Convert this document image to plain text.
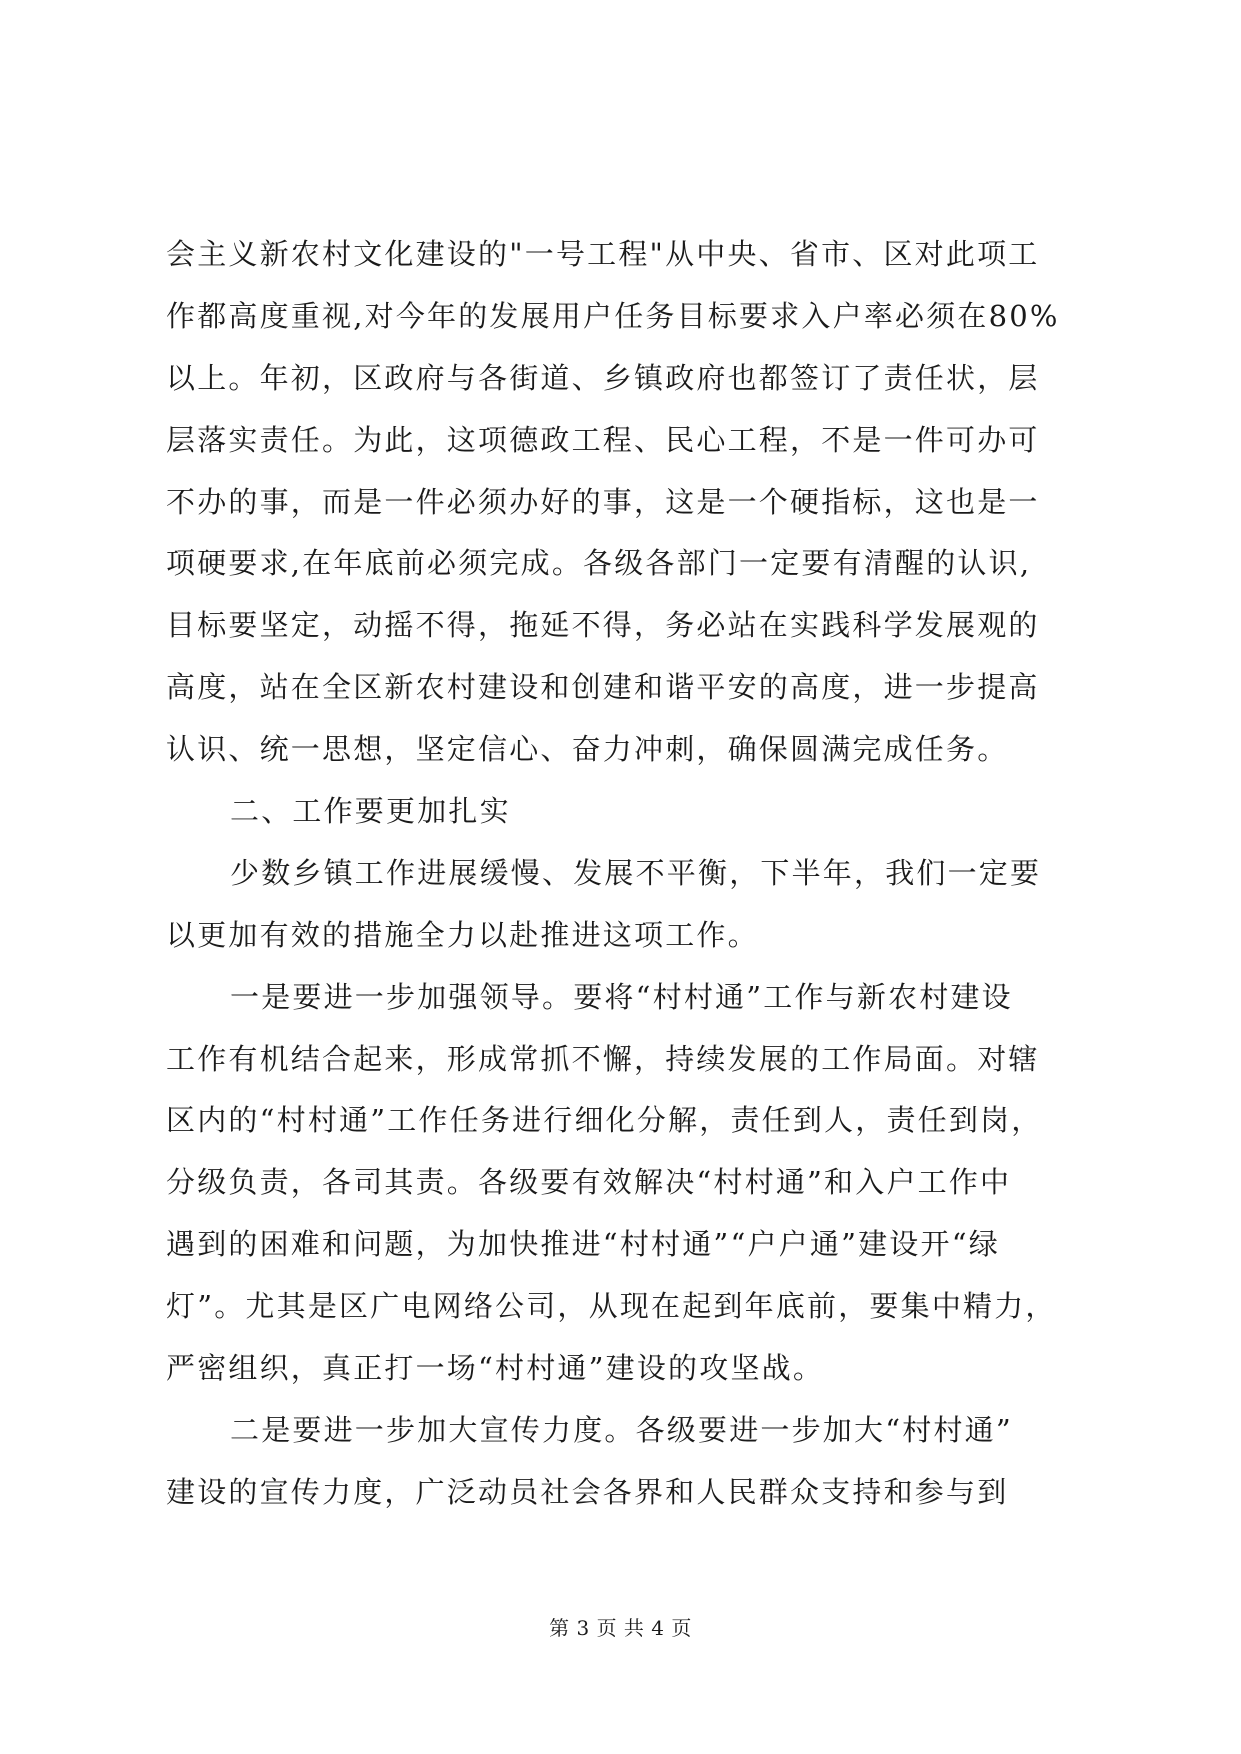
会主义新农村文化建设的"一号工程"从中央、省市、区对此项工
作都高度重视,对今年的发展用户任务目标要求入户率必须在80%
以上。年初，区政府与各街道、乡镇政府也都签订了责任状，层
层落实责任。为此，这项德政工程、民心工程，不是一件可办可
不办的事，而是一件必须办好的事，这是一个硬指标，这也是一
项硬要求,在年底前必须完成。各级各部门一定要有清醒的认识,
目标要坚定，动摇不得，拖延不得，务必站在实践科学发展观的
高度，站在全区新农村建设和创建和谐平安的高度，进一步提高
认识、统一思想，坚定信心、奋力冲刺，确保圆满完成任务。
二、工作要更加扎实
少数乡镇工作进展缓慢、发展不平衡，下半年，我们一定要
以更加有效的措施全力以赴推进这项工作。
一是要进一步加强领导。要将“村村通”工作与新农村建设
工作有机结合起来，形成常抓不懈，持续发展的工作局面。对辖
区内的“村村通”工作任务进行细化分解，责任到人，责任到岗，
分级负责，各司其责。各级要有效解决“村村通”和入户工作中
遇到的困难和问题，为加快推进“村村通”“户户通”建设开“绿
灯”。尤其是区广电网络公司，从现在起到年底前，要集中精力，
严密组织，真正打一场“村村通”建设的攻坚战。
二是要进一步加大宣传力度。各级要进一步加大“村村通”
建设的宣传力度，广泛动员社会各界和人民群众支持和参与到
第 3 页 共 4 页
